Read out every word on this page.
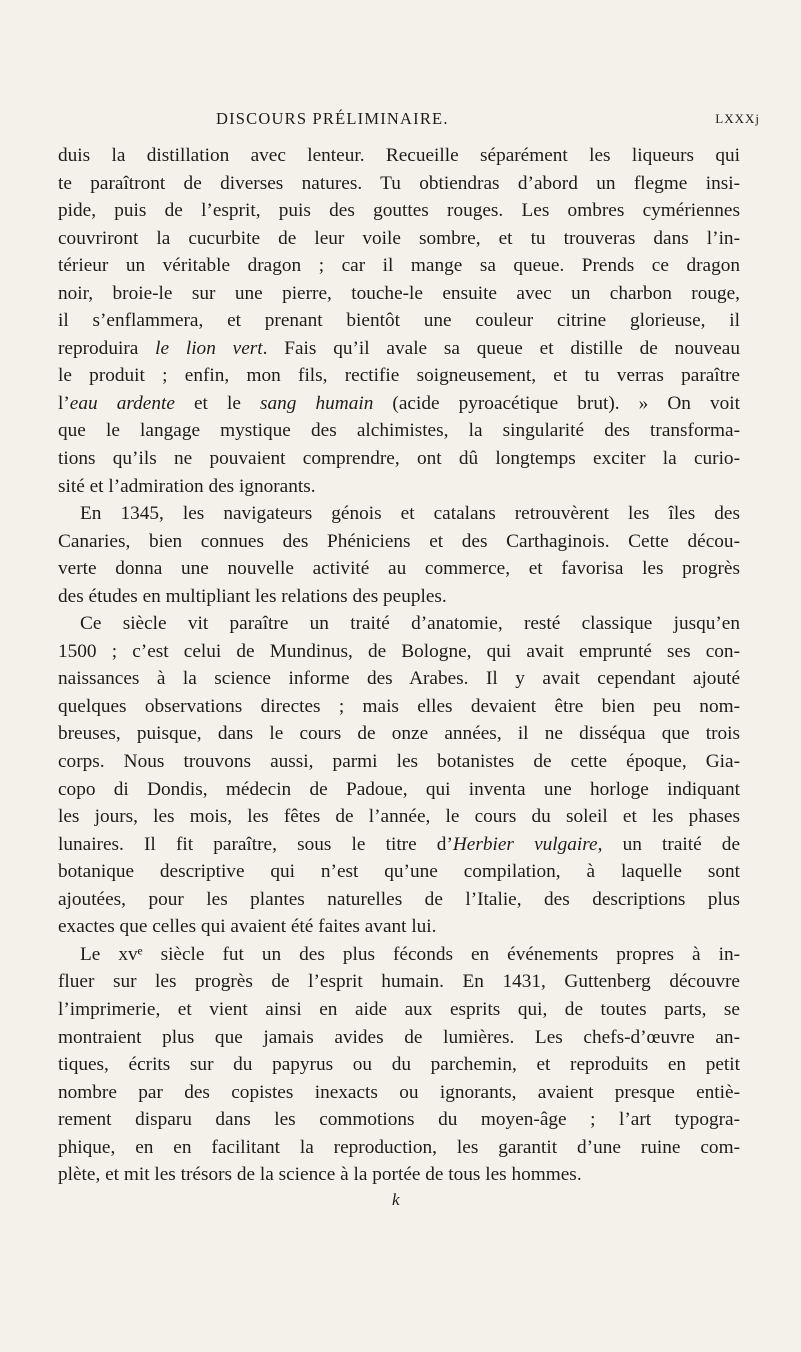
DISCOURS PRÉLIMINAIRE.	LXXXj
duis la distillation avec lenteur. Recueille séparément les liqueurs qui
te paraîtront de diverses natures. Tu obtiendras d’abord un flegme insi-
pide, puis de l’esprit, puis des gouttes rouges. Les ombres cymériennes
couvriront la cucurbite de leur voile sombre, et tu trouveras dans l’in-
térieur un véritable dragon ; car il mange sa queue. Prends ce dragon
noir, broie-le sur une pierre, touche-le ensuite avec un charbon rouge,
il s’enflammera, et prenant bientôt une couleur citrine glorieuse, il
reproduira le lion vert. Fais qu’il avale sa queue et distille de nouveau
le produit ; enfin, mon fils, rectifie soigneusement, et tu verras paraître
l’eau ardente et le sang humain (acide pyroacétique brut). » On voit
que le langage mystique des alchimistes, la singularité des transforma-
tions qu’ils ne pouvaient comprendre, ont dû longtemps exciter la curio-
sité et l’admiration des ignorants.
En 1345, les navigateurs génois et catalans retrouvèrent les îles des
Canaries, bien connues des Phéniciens et des Carthaginois. Cette décou-
verte donna une nouvelle activité au commerce, et favorisa les progrès
des études en multipliant les relations des peuples.
Ce siècle vit paraître un traité d’anatomie, resté classique jusqu’en
1500 ; c’est celui de Mundinus, de Bologne, qui avait emprunté ses con-
naissances à la science informe des Arabes. Il y avait cependant ajouté
quelques observations directes ; mais elles devaient être bien peu nom-
breuses, puisque, dans le cours de onze années, il ne disséqua que trois
corps. Nous trouvons aussi, parmi les botanistes de cette époque, Gia-
copo di Dondis, médecin de Padoue, qui inventa une horloge indiquant
les jours, les mois, les fêtes de l’année, le cours du soleil et les phases
lunaires. Il fit paraître, sous le titre d’Herbier vulgaire, un traité de
botanique descriptive qui n’est qu’une compilation, à laquelle sont
ajoutées, pour les plantes naturelles de l’Italie, des descriptions plus
exactes que celles qui avaient été faites avant lui.
Le xvᵉ siècle fut un des plus féconds en événements propres à in-
fluer sur les progrès de l’esprit humain. En 1431, Guttenberg découvre
l’imprimerie, et vient ainsi en aide aux esprits qui, de toutes parts, se
montraient plus que jamais avides de lumières. Les chefs-d’œuvre an-
tiques, écrits sur du papyrus ou du parchemin, et reproduits en petit
nombre par des copistes inexacts ou ignorants, avaient presque entiè-
rement disparu dans les commotions du moyen-âge ; l’art typogra-
phique, en en facilitant la reproduction, les garantit d’une ruine com-
plète, et mit les trésors de la science à la portée de tous les hommes.
k
